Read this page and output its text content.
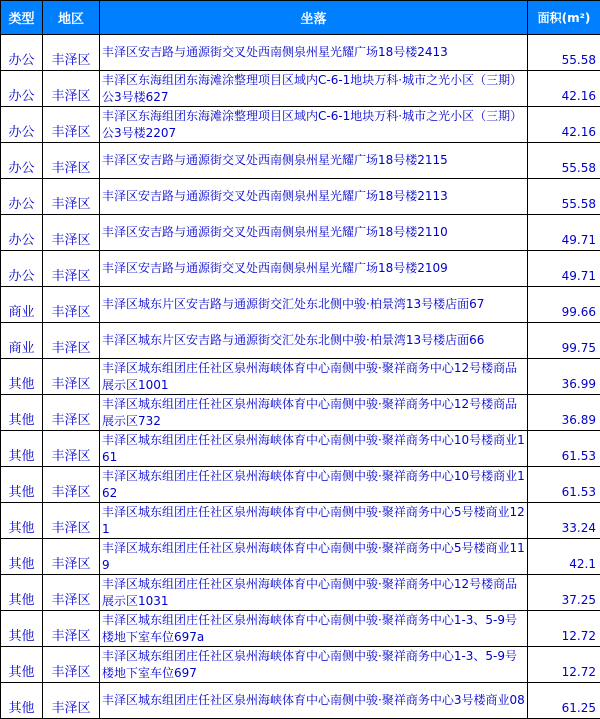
类型	地区	坐落	面积(m²)
办公	丰泽区	丰泽区安吉路与通源街交叉处西南侧泉州星光耀广场18号楼2413	55.58
办公	丰泽区	丰泽区东海组团东海滩涂整理项目区域内C-6-1地块万科·城市之光小区（三期）公3号楼627	42.16
办公	丰泽区	丰泽区东海组团东海滩涂整理项目区域内C-6-1地块万科·城市之光小区（三期）公3号楼2207	42.16
办公	丰泽区	丰泽区安吉路与通源街交叉处西南侧泉州星光耀广场18号楼2115	55.58
办公	丰泽区	丰泽区安吉路与通源街交叉处西南侧泉州星光耀广场18号楼2113	55.58
办公	丰泽区	丰泽区安吉路与通源街交叉处西南侧泉州星光耀广场18号楼2110	49.71
办公	丰泽区	丰泽区安吉路与通源街交叉处西南侧泉州星光耀广场18号楼2109	49.71
商业	丰泽区	丰泽区城东片区安吉路与通源街交汇处东北侧中骏·柏景湾13号楼店面67	99.66
商业	丰泽区	丰泽区城东片区安吉路与通源街交汇处东北侧中骏·柏景湾13号楼店面66	99.75
其他	丰泽区	丰泽区城东组团庄任社区泉州海峡体育中心南侧中骏·聚祥商务中心12号楼商品展示区1001	36.99
其他	丰泽区	丰泽区城东组团庄任社区泉州海峡体育中心南侧中骏·聚祥商务中心12号楼商品展示区732	36.89
其他	丰泽区	丰泽区城东组团庄任社区泉州海峡体育中心南侧中骏·聚祥商务中心10号楼商业161	61.53
其他	丰泽区	丰泽区城东组团庄任社区泉州海峡体育中心南侧中骏·聚祥商务中心10号楼商业162	61.53
其他	丰泽区	丰泽区城东组团庄任社区泉州海峡体育中心南侧中骏·聚祥商务中心5号楼商业121	33.24
其他	丰泽区	丰泽区城东组团庄任社区泉州海峡体育中心南侧中骏·聚祥商务中心5号楼商业119	42.1
其他	丰泽区	丰泽区城东组团庄任社区泉州海峡体育中心南侧中骏·聚祥商务中心12号楼商品展示区1031	37.25
其他	丰泽区	丰泽区城东组团庄任社区泉州海峡体育中心南侧中骏·聚祥商务中心1-3、5-9号楼地下室车位697a	12.72
其他	丰泽区	丰泽区城东组团庄任社区泉州海峡体育中心南侧中骏·聚祥商务中心1-3、5-9号楼地下室车位697	12.72
其他	丰泽区	丰泽区城东组团庄任社区泉州海峡体育中心南侧中骏·聚祥商务中心3号楼商业08	61.25
